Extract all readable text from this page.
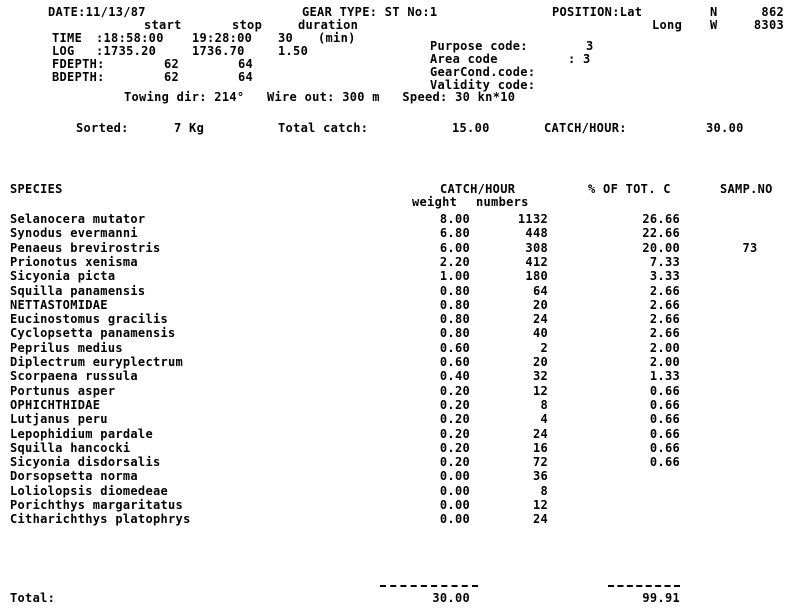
DATE:11/13/87	GEAR TYPE: ST No:1	POSITION:Lat	N	862
Long W	8303
start	stop	duration
TIME :18:58:00 19:28:00 30 (min)
LOG :1735.20	1736.70	1.50
FDEPTH:	62	64
BDEPTH:	62	64
Purpose code:	3
Area code	: 3
GearCond.code:
Validity code:
Towing dir: 214°   Wire out: 300 m   Speed: 30 kn*10
Sorted:	7 Kg	Total catch:	15.00	CATCH/HOUR:	30.00
SPECIES	CATCH/HOUR	% OF TOT. C	SAMP.NO
weight numbers
Selanocera mutator	8.00	1132	26.66
Synodus evermanni	6.80	448	22.66
Penaeus brevirostris	6.00	308	20.00	73
Prionotus xenisma	2.20	412	7.33
Sicyonia picta	1.00	180	3.33
Squilla panamensis	0.80	64	2.66
NETTASTOMIDAE	0.80	20	2.66
Eucinostomus gracilis	0.80	24	2.66
Cyclopsetta panamensis	0.80	40	2.66
Peprilus medius	0.60	2	2.00
Diplectrum euryplectrum	0.60	20	2.00
Scorpaena russula	0.40	32	1.33
Portunus asper	0.20	12	0.66
OPHICHTHIDAE	0.20	8	0.66
Lutjanus peru	0.20	4	0.66
Lepophidium pardale	0.20	24	0.66
Squilla hancocki	0.20	16	0.66
Sicyonia disdorsalis	0.20	72	0.66
Dorsopsetta norma	0.00	36
Loliolopsis diomedeae	0.00	8
Porichthys margaritatus	0.00	12
Citharichthys platophrys	0.00	24
Total:	30.00	99.91
